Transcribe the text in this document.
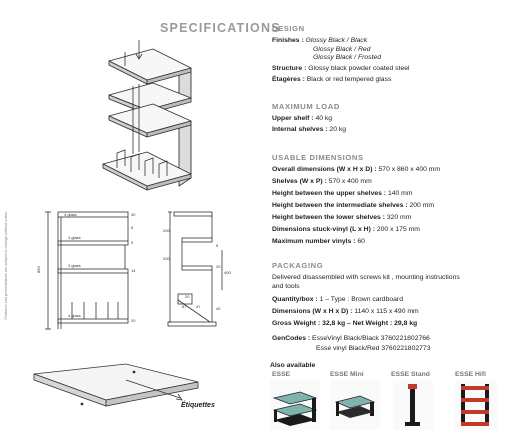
SPECIFICATIONS
Features and presentations are subject to change without notice.	4 glass
4 glass
4 glass
4 glass
40
5
5
14
860
20
200
200
5
20
400
40
20
87 47
Étiquettes
DESIGN
Finishes : Glossy Black / Black
Glossy Black / Red
Glossy Black / Frosted
Structure : Glossy black powder coated steel
Étagères : Black or red tempered glass
MAXIMUM LOAD
Upper shelf : 40 kg
Internal shelves : 20 kg
USABLE DIMENSIONS
Overall dimensions (W x H x D) : 570 x 860 x 400 mm
Shelves (W x P) : 570 x 400 mm
Height between the upper shelves : 140 mm
Height between the intermediate shelves : 200 mm
Height between the lower shelves : 320 mm
Dimensions stuck-vinyl (L x H) : 200 x 175 mm
Maximum number vinyls : 60
PACKAGING
Delivered disassembled with screws kit , mounting instructions
and tools
Quantity/box : 1 – Type : Brown cardboard
Dimensions (W x H x D) : 1140 x 115 x 490 mm
Gross Weight : 32,8 kg – Net Weight : 29,8 kg
GenCodes : EsseVinyl Black/Black 3760221802766
Esse vinyl Black/Red 3760221802773
Also available
ESSE	ESSE Mini	ESSE Stand	ESSE Hifi
